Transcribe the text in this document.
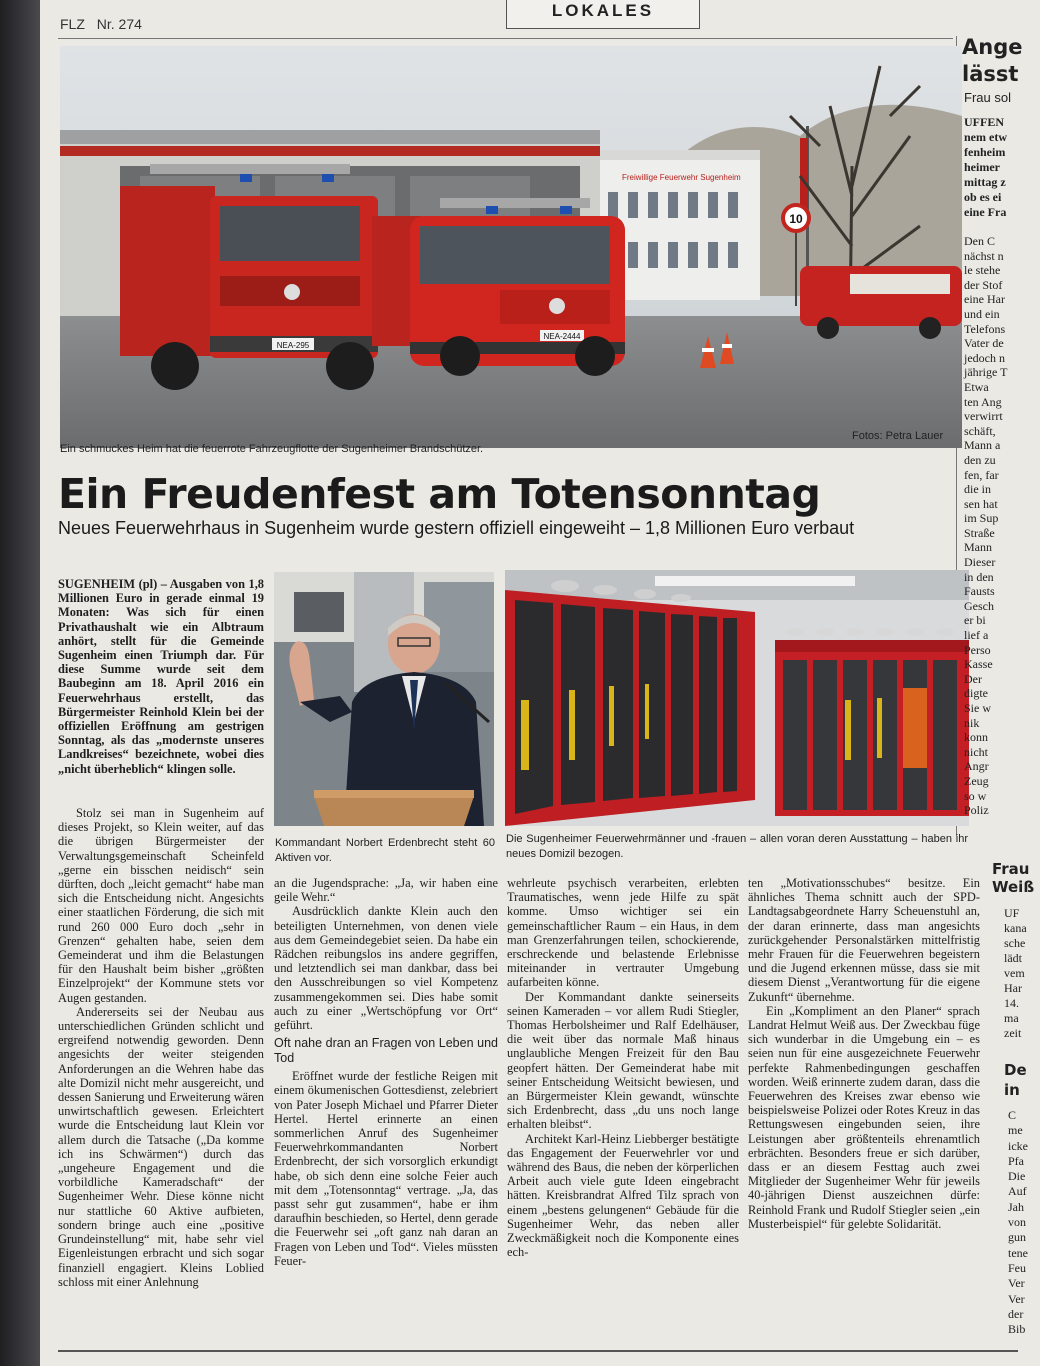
FLZ Nr. 274
LOKALES
Freiwillige Feuerwehr Sugenheim
10
NEA-295
NEA-2444
Ein schmuckes Heim hat die feuerrote Fahrzeugflotte der Sugenheimer Brandschützer.
Fotos: Petra Lauer
Ein Freudenfest am Totensonntag
Neues Feuerwehrhaus in Sugenheim wurde gestern offiziell eingeweiht – 1,8 Millionen Euro verbaut

SUGENHEIM (pl) – Ausgaben von 1,8 Millionen Euro in gerade einmal 19 Monaten: Was sich für einen Privathaushalt wie ein Albtraum anhört, stellt für die Gemeinde Sugenheim einen Triumph dar. Für diese Summe wurde seit dem Baubeginn am 18. April 2016 ein Feuerwehrhaus erstellt, das Bürgermeister Reinhold Klein bei der offiziellen Eröffnung am gestrigen Sonntag, als das „modernste unseres Landkreises“ bezeichnete, wobei dies „nicht überheblich“ klingen solle.

Kommandant Norbert Erdenbrecht steht 60 Aktiven vor.
Die Sugenheimer Feuerwehrmänner und -frauen – allen voran deren Ausstattung – haben ihr neues Domizil bezogen.

Stolz sei man in Sugenheim auf dieses Projekt, so Klein weiter, auf das die übrigen Bürgermeister der Verwaltungsgemeinschaft Scheinfeld „gerne ein bisschen neidisch“ sein dürften, doch „leicht gemacht“ habe man sich die Entscheidung nicht. Angesichts einer staatlichen Förderung, die sich mit rund 260 000 Euro doch „sehr in Grenzen“ gehalten habe, seien dem Gemeinderat und ihm die Belastungen für den Haushalt beim bisher „größten Einzelprojekt“ der Kommune stets vor Augen gestanden.

Andererseits sei der Neubau aus unterschiedlichen Gründen schlicht und ergreifend notwendig geworden. Denn angesichts der weiter steigenden Anforderungen an die Wehren habe das alte Domizil nicht mehr ausgereicht, und dessen Sanierung und Erweiterung wären unwirtschaftlich gewesen. Erleichtert wurde die Entscheidung laut Klein vor allem durch die Tatsache („Da komme ich ins Schwärmen“) durch das „ungeheure Engagement und die vorbildliche Kameradschaft“ der Sugenheimer Wehr. Diese könne nicht nur stattliche 60 Aktive aufbieten, sondern bringe auch eine „positive Grundeinstellung“ mit, habe sehr viel Eigenleistungen erbracht und sich sogar finanziell engagiert. Kleins Loblied schloss mit einer Anlehnung

an die Jugendsprache: „Ja, wir haben eine geile Wehr.“

Ausdrücklich dankte Klein auch den beteiligten Unternehmen, von denen viele aus dem Gemeindegebiet seien. Da habe ein Rädchen reibungslos ins andere gegriffen, und letztendlich sei man dankbar, dass bei den Ausschreibungen so viel Kompetenz zusammengekommen sei. Dies habe somit auch zu einer „Wertschöpfung vor Ort“ geführt.

Oft nahe dran an Fragen von Leben und Tod

Eröffnet wurde der festliche Reigen mit einem ökumenischen Gottesdienst, zelebriert von Pater Joseph Michael und Pfarrer Dieter Hertel. Hertel erinnerte an einen sommerlichen Anruf des Sugenheimer Feuerwehrkommandanten Norbert Erdenbrecht, der sich vorsorglich erkundigt habe, ob sich denn eine solche Feier auch mit dem „Totensonntag“ vertrage. „Ja, das passt sehr gut zusammen“, habe er ihm daraufhin beschieden, so Hertel, denn gerade die Feuerwehr sei „oft ganz nah daran an Fragen von Leben und Tod“. Vieles müssten Feuer-

wehrleute psychisch verarbeiten, erlebten Traumatisches, wenn jede Hilfe zu spät komme. Umso wichtiger sei ein gemeinschaftlicher Raum – ein Haus, in dem man Grenzerfahrungen teilen, schockierende, erschreckende und belastende Erlebnisse miteinander in vertrauter Umgebung aufarbeiten könne.

Der Kommandant dankte seinerseits seinen Kameraden – vor allem Rudi Stiegler, Thomas Herbolsheimer und Ralf Edelhäuser, die weit über das normale Maß hinaus unglaubliche Mengen Freizeit für den Bau geopfert hätten. Der Gemeinderat habe mit seiner Entscheidung Weitsicht bewiesen, und an Bürgermeister Klein gewandt, wünschte sich Erdenbrecht, dass „du uns noch lange erhalten bleibst“.

Architekt Karl-Heinz Liebberger bestätigte das Engagement der Feuerwehrler vor und während des Baus, die neben der körperlichen Arbeit auch viele gute Ideen eingebracht hätten. Kreisbrandrat Alfred Tilz sprach von einem „bestens gelungenen“ Gebäude für die Sugenheimer Wehr, das neben aller Zweckmäßigkeit noch die Komponente eines ech-

ten „Motivationsschubes“ besitze. Ein ähnliches Thema schnitt auch der SPD-Landtagsabgeordnete Harry Scheuenstuhl an, der daran erinnerte, dass man angesichts zurückgehender Personalstärken mittelfristig mehr Frauen für die Feuerwehren begeistern und die Jugend erkennen müsse, dass sie mit diesem Dienst „Verantwortung für die eigene Zukunft“ übernehme.

Ein „Kompliment an den Planer“ sprach Landrat Helmut Weiß aus. Der Zweckbau füge sich wunderbar in die Umgebung ein – es seien nun für eine ausgezeichnete Feuerwehr perfekte Rahmenbedingungen geschaffen worden. Weiß erinnerte zudem daran, dass die Feuerwehren des Kreises zwar ebenso wie beispielsweise Polizei oder Rotes Kreuz in das Rettungswesen eingebunden seien, ihre Leistungen aber größtenteils ehrenamtlich erbrächten. Besonders freue er sich darüber, dass er an diesem Festtag auch zwei Mitglieder der Sugenheimer Wehr für jeweils 40-jährigen Dienst auszeichnen dürfe: Reinhold Frank und Rudolf Stiegler seien „ein Musterbeispiel“ für gelebte Solidarität.

Ange
lässt
Frau sol
UFFEN
nem etw
fenheim
heimer
mittag z
ob es ei
eine Fra
Den C
nächst n
le stehe
der Stof
eine Har
und ein
Telefons
Vater de
jedoch n
jährige T
Etwa
ten Ang
verwirrt
schäft,
Mann a
den zu
fen, far
die in
sen hat
im Sup
Straße
Mann
Dieser
in den
Fausts
Gesch
er bi
lief a
Perso
Kasse
Der
digte
Sie w
nik
konn
nicht
Angr
Zeug
so w
Poliz
Frau
Weiß
UF
kana
sche
lädt
vem
Har
14.
ma
zeit
De
in
C
me
icke
Pfa
Die
Auf
Jah
von
gun
tene
Feu
Ver
Ver
der
Bib
